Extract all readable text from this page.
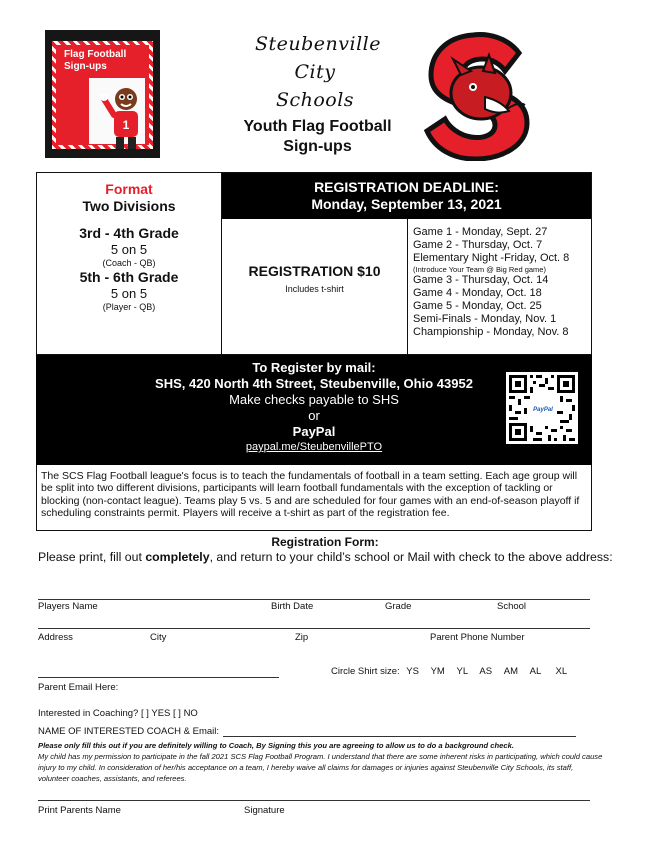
Flag Football
Sign-ups
1
Steubenville
City Schools
Youth Flag Football
Sign-ups
Format
Two Divisions
3rd - 4th Grade
5 on 5
(Coach - QB)
5th - 6th Grade
5 on 5
(Player - QB)
REGISTRATION DEADLINE:
Monday, September 13, 2021
REGISTRATION $10
Includes t-shirt
Game 1 - Monday, Sept. 27
Game 2 - Thursday, Oct. 7
Elementary Night -Friday, Oct. 8
(Introduce Your Team @ Big Red game)
Game 3 - Thursday, Oct. 14
Game 4 - Monday, Oct. 18
Game 5 - Monday, Oct. 25
Semi-Finals - Monday, Nov. 1
Championship - Monday, Nov. 8
To Register by mail:
SHS, 420 North 4th Street, Steubenville, Ohio 43952
Make checks payable to SHS
or
PayPal
paypal.me/SteubenvillePTO
PayPal
The SCS Flag Football league's focus is to teach the fundamentals of football in a team setting. Each age group will be split into two different divisions, participants will learn football fundamentals with the exception of tackling or blocking (non-contact league). Teams play 5 vs. 5 and are scheduled for four games with an end-of-season playoff if scheduling constraints permit. Players will receive a t-shirt as part of the registration fee.
Registration Form:
Please print, fill out completely, and return to your child’s school or Mail with check to the above address:
Players Name	Birth Date	Grade	School
Address	City	Zip	Parent Phone Number
Circle Shirt size: YS YM YL AS AM AL XL
Parent Email Here:
Interested in Coaching? [ ] YES [ ] NO
NAME OF INTERESTED COACH & Email:
Please only fill this out if you are definitely willing to Coach, By Signing this you are agreeing to allow us to do a background check.
My child has my permission to participate in the fall 2021 SCS Flag Football Program. I understand that there are some inherent risks in participating, which could cause injury to my child. In consideration of her/his acceptance on a team, I hereby waive all claims for damages or injuries against Steubenville City Schools, its staff, volunteer coaches, assistants, and referees.
Print Parents Name	Signature
